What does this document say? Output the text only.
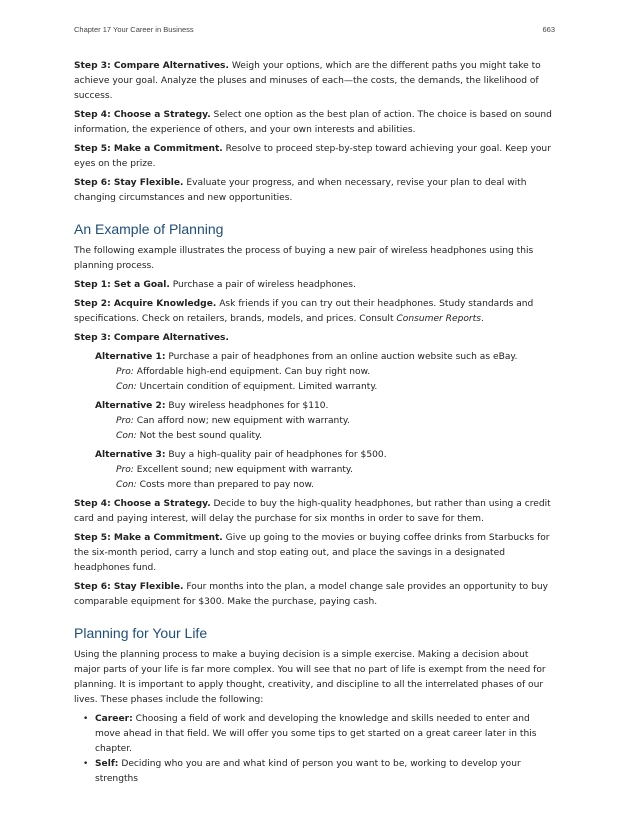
Chapter 17 Your Career in Business	663

Step 3: Compare Alternatives. Weigh your options, which are the different paths you might take to achieve your goal. Analyze the pluses and minuses of each—the costs, the demands, the likelihood of success.

Step 4: Choose a Strategy. Select one option as the best plan of action. The choice is based on sound information, the experience of others, and your own interests and abilities.

Step 5: Make a Commitment. Resolve to proceed step-by-step toward achieving your goal. Keep your eyes on the prize.

Step 6: Stay Flexible. Evaluate your progress, and when necessary, revise your plan to deal with changing circumstances and new opportunities.

An Example of Planning

The following example illustrates the process of buying a new pair of wireless headphones using this planning process.

Step 1: Set a Goal. Purchase a pair of wireless headphones.

Step 2: Acquire Knowledge. Ask friends if you can try out their headphones. Study standards and specifications. Check on retailers, brands, models, and prices. Consult Consumer Reports.

Step 3: Compare Alternatives.

Alternative 1: Purchase a pair of headphones from an online auction website such as eBay.

Pro: Affordable high-end equipment. Can buy right now.

Con: Uncertain condition of equipment. Limited warranty.

Alternative 2: Buy wireless headphones for $110.

Pro: Can afford now; new equipment with warranty.

Con: Not the best sound quality.

Alternative 3: Buy a high-quality pair of headphones for $500.

Pro: Excellent sound; new equipment with warranty.

Con: Costs more than prepared to pay now.

Step 4: Choose a Strategy. Decide to buy the high-quality headphones, but rather than using a credit card and paying interest, will delay the purchase for six months in order to save for them.

Step 5: Make a Commitment. Give up going to the movies or buying coffee drinks from Starbucks for the six-month period, carry a lunch and stop eating out, and place the savings in a designated headphones fund.

Step 6: Stay Flexible. Four months into the plan, a model change sale provides an opportunity to buy comparable equipment for $300. Make the purchase, paying cash.

Planning for Your Life

Using the planning process to make a buying decision is a simple exercise. Making a decision about major parts of your life is far more complex. You will see that no part of life is exempt from the need for planning. It is important to apply thought, creativity, and discipline to all the interrelated phases of our lives. These phases include the following:

• Career: Choosing a field of work and developing the knowledge and skills needed to enter and move ahead in that field. We will offer you some tips to get started on a great career later in this chapter.
• Self: Deciding who you are and what kind of person you want to be, working to develop your strengths
